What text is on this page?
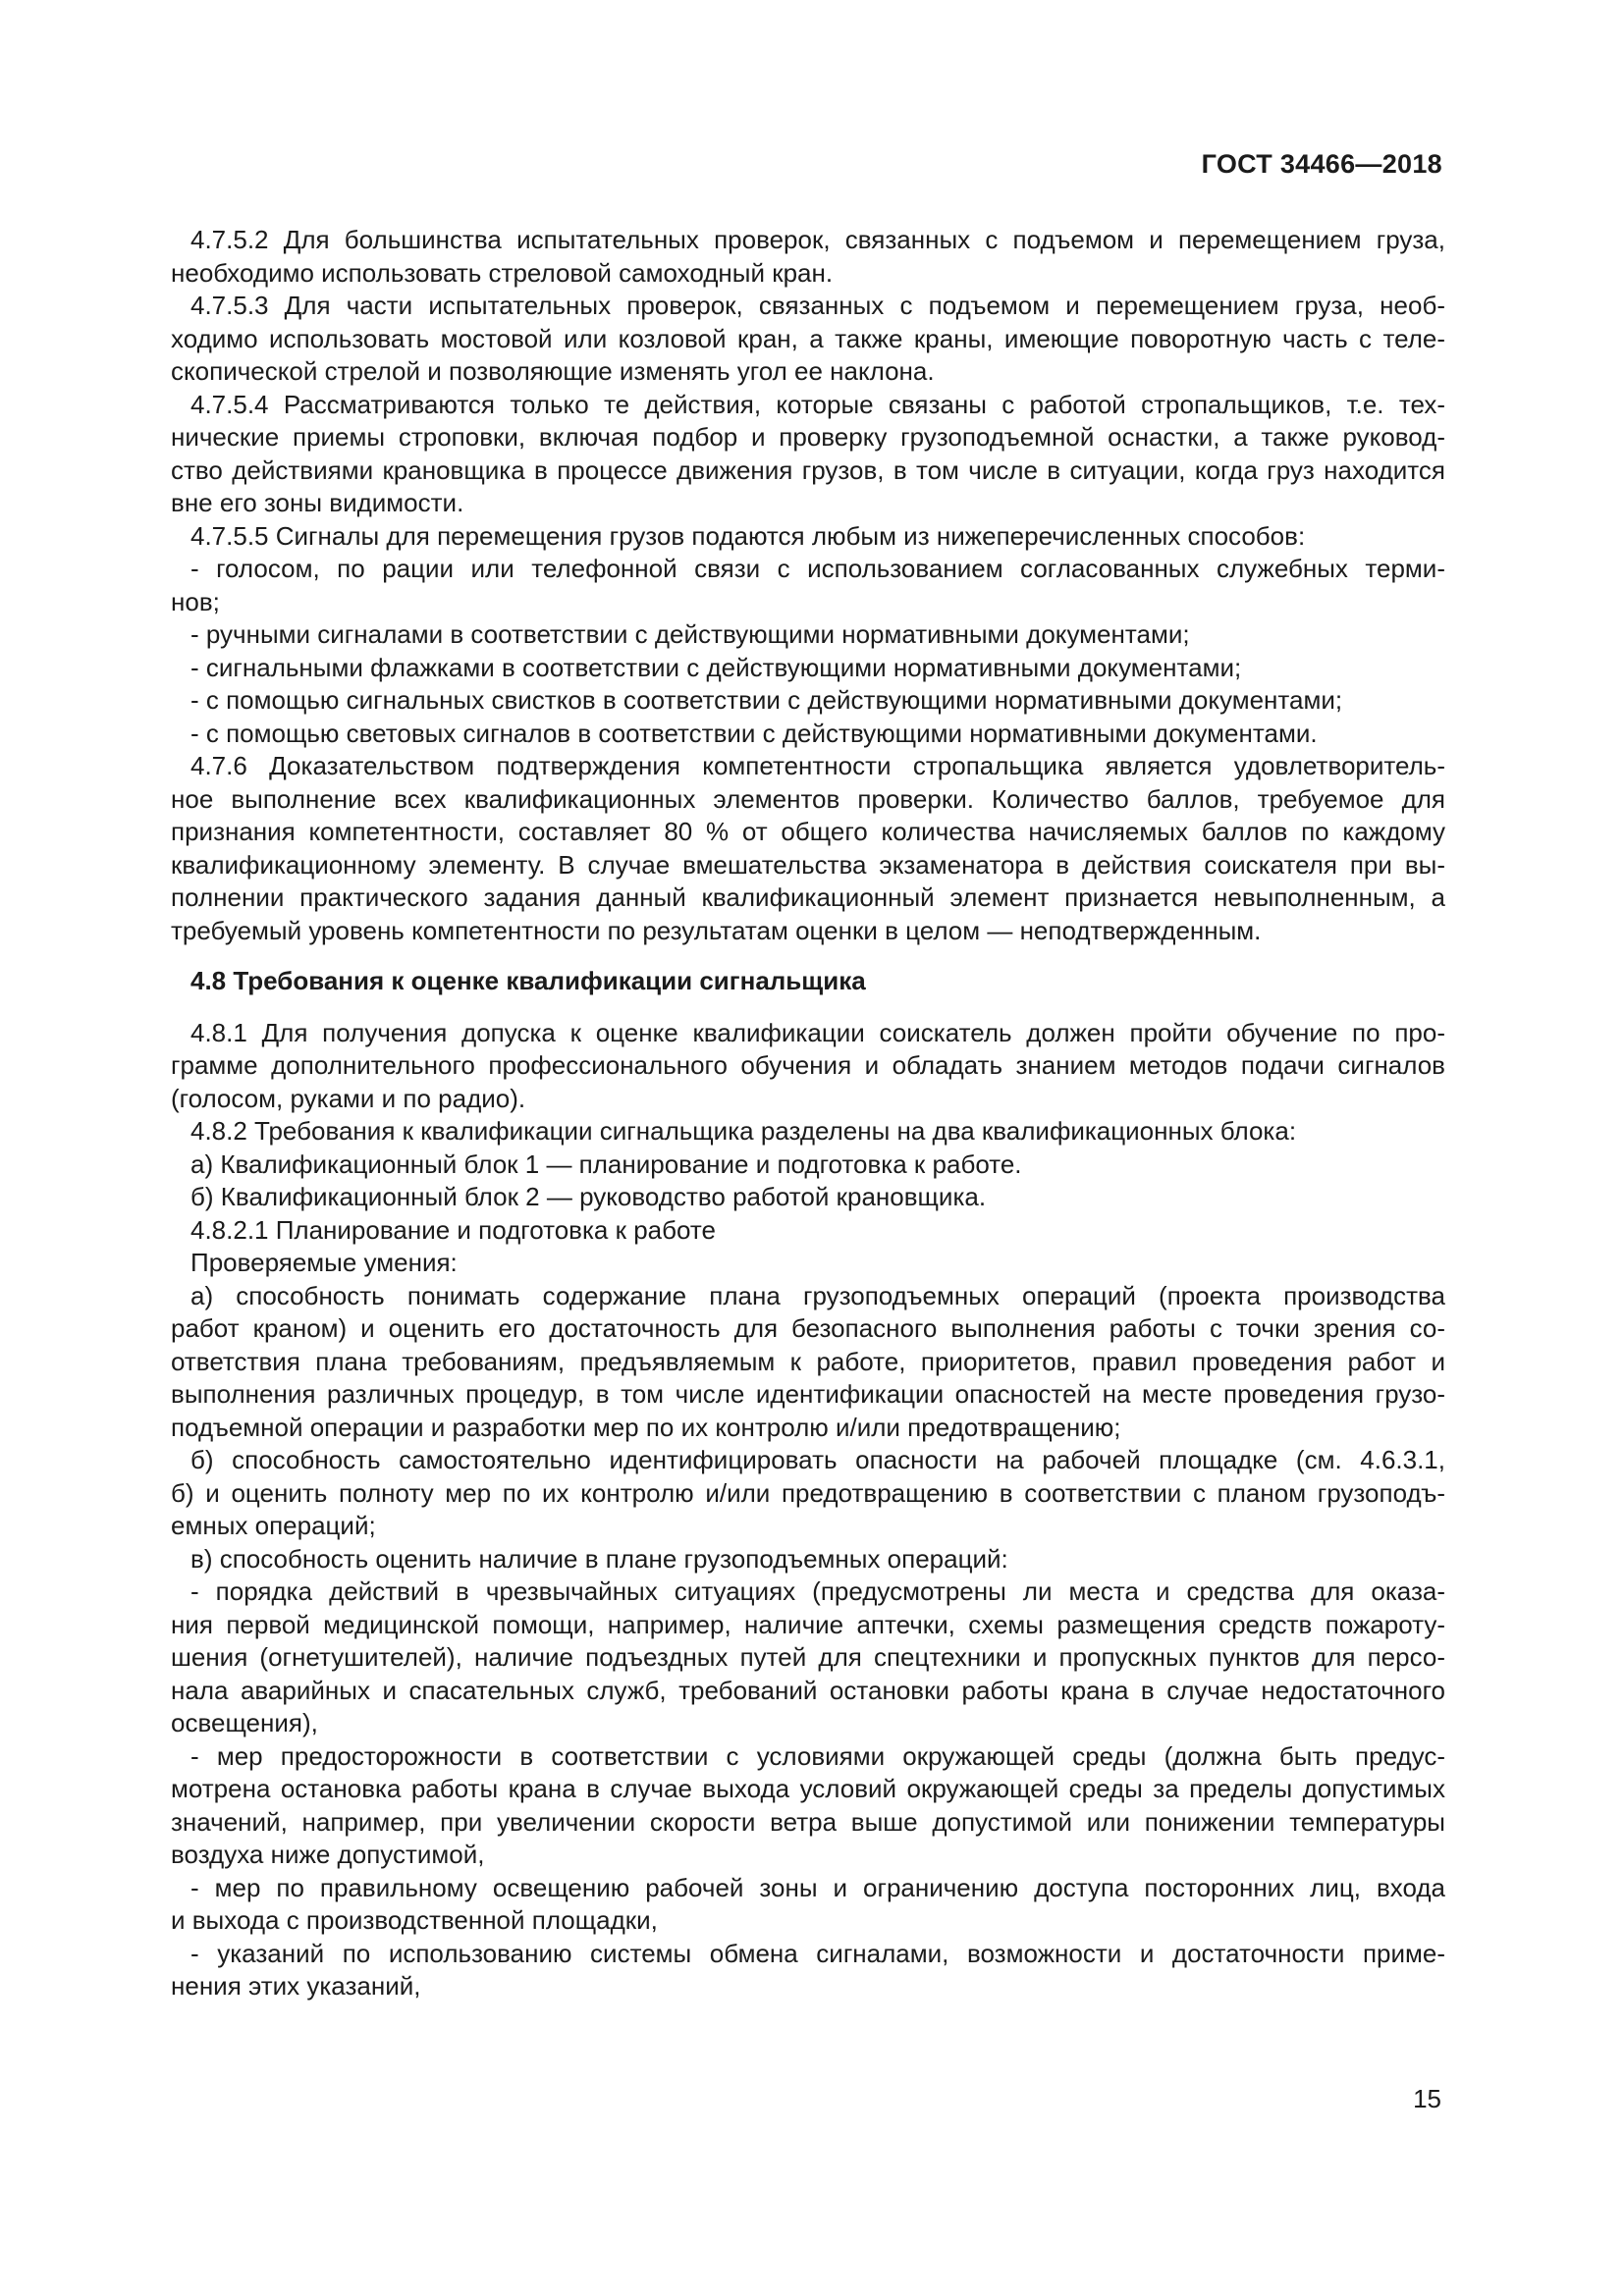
ГОСТ 34466—2018
4.7.5.2 Для большинства испытательных проверок, связанных с подъемом и перемещением груза,
необходимо использовать стреловой самоходный кран.
4.7.5.3 Для части испытательных проверок, связанных с подъемом и перемещением груза, необ-
ходимо использовать мостовой или козловой кран, а также краны, имеющие поворотную часть с теле-
скопической стрелой и позволяющие изменять угол ее наклона.
4.7.5.4 Рассматриваются только те действия, которые связаны с работой стропальщиков, т.е. тех-
нические приемы строповки, включая подбор и проверку грузоподъемной оснастки, а также руковод-
ство действиями крановщика в процессе движения грузов, в том числе в ситуации, когда груз находится
вне его зоны видимости.
4.7.5.5 Сигналы для перемещения грузов подаются любым из нижеперечисленных способов:
- голосом, по рации или телефонной связи с использованием согласованных служебных терми-
нов;
- ручными сигналами в соответствии с действующими нормативными документами;
- сигнальными флажками в соответствии с действующими нормативными документами;
- с помощью сигнальных свистков в соответствии с действующими нормативными документами;
- с помощью световых сигналов в соответствии с действующими нормативными документами.
4.7.6 Доказательством подтверждения компетентности стропальщика является удовлетворитель-
ное выполнение всех квалификационных элементов проверки. Количество баллов, требуемое для
признания компетентности, составляет 80 % от общего количества начисляемых баллов по каждому
квалификационному элементу. В случае вмешательства экзаменатора в действия соискателя при вы-
полнении практического задания данный квалификационный элемент признается невыполненным, а
требуемый уровень компетентности по результатам оценки в целом — неподтвержденным.
4.8 Требования к оценке квалификации сигнальщика
4.8.1 Для получения допуска к оценке квалификации соискатель должен пройти обучение по про-
грамме дополнительного профессионального обучения и обладать знанием методов подачи сигналов
(голосом, руками и по радио).
4.8.2 Требования к квалификации сигнальщика разделены на два квалификационных блока:
а) Квалификационный блок 1 — планирование и подготовка к работе.
б) Квалификационный блок 2 — руководство работой крановщика.
4.8.2.1 Планирование и подготовка к работе
Проверяемые умения:
а) способность понимать содержание плана грузоподъемных операций (проекта производства
работ краном) и оценить его достаточность для безопасного выполнения работы с точки зрения со-
ответствия плана требованиям, предъявляемым к работе, приоритетов, правил проведения работ и
выполнения различных процедур, в том числе идентификации опасностей на месте проведения грузо-
подъемной операции и разработки мер по их контролю и/или предотвращению;
б) способность самостоятельно идентифицировать опасности на рабочей площадке (см. 4.6.3.1,
б) и оценить полноту мер по их контролю и/или предотвращению в соответствии с планом грузоподъ-
емных операций;
в) способность оценить наличие в плане грузоподъемных операций:
- порядка действий в чрезвычайных ситуациях (предусмотрены ли места и средства для оказа-
ния первой медицинской помощи, например, наличие аптечки, схемы размещения средств пожароту-
шения (огнетушителей), наличие подъездных путей для спецтехники и пропускных пунктов для персо-
нала аварийных и спасательных служб, требований остановки работы крана в случае недостаточного
освещения),
- мер предосторожности в соответствии с условиями окружающей среды (должна быть предус-
мотрена остановка работы крана в случае выхода условий окружающей среды за пределы допустимых
значений, например, при увеличении скорости ветра выше допустимой или понижении температуры
воздуха ниже допустимой,
- мер по правильному освещению рабочей зоны и ограничению доступа посторонних лиц, входа
и выхода с производственной площадки,
- указаний по использованию системы обмена сигналами, возможности и достаточности приме-
нения этих указаний,
15
